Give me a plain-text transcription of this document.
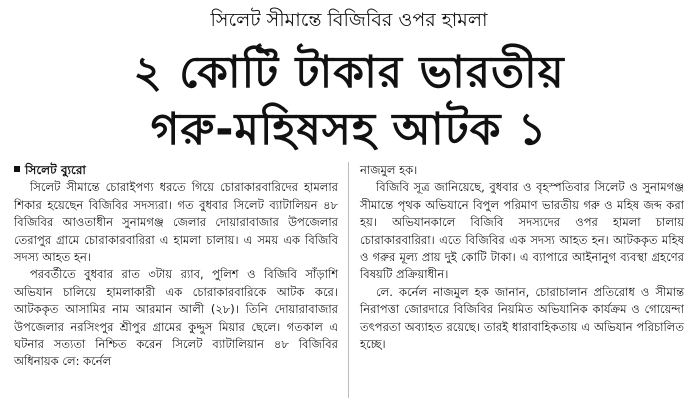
সিলেট সীমান্তে বিজিবির ওপর হামলা
২ কোটি টাকার ভারতীয়
গরু-মহিষসহ আটক ১
সিলেট ব্যুরো

সিলেট সীমান্তে চোরাইপণ্য ধরতে গিয়ে চোরাকারবারিদের হামলার শিকার হয়েছেন বিজিবির সদস্যরা। গত বুধবার সিলেট ব্যাটালিয়ন ৪৮ বিজিবির আওতাধীন সুনামগঞ্জ জেলার দোয়ারাবাজার উপজেলার তেরাপুর গ্রামে চোরাকারবারিরা এ হামলা চালায়। এ সময় এক বিজিবি সদস্য আহত হন।

পরবর্তীতে বুধবার রাত ৩টায় র‍্যাব, পুলিশ ও বিজিবি সাঁড়াশি অভিযান চালিয়ে হামলাকারী এক চোরাকারবারিকে আটক করে। আটককৃত আসামির নাম আরমান আলী (২৮)। তিনি দোয়ারাবাজার উপজেলার নরসিংপুর শ্রীপুর গ্রামের কুদ্দুস মিয়ার ছেলে। গতকাল এ ঘটনার সত্যতা নিশ্চিত করেন সিলেট ব্যাটালিয়ান ৪৮ বিজিবির অধিনায়ক লে: কর্নেল

নাজমুল হক।

বিজিবি সূত্র জানিয়েছে, বুধবার ও বৃহস্পতিবার সিলেট ও সুনামগঞ্জ সীমান্তে পৃথক অভিযানে বিপুল পরিমাণ ভারতীয় গরু ও মহিষ জব্দ করা হয়। অভিযানকালে বিজিবি সদস্যদের ওপর হামলা চালায় চোরাকারবারিরা। এতে বিজিবির এক সদস্য আহত হন। আটককৃত মহিষ ও গরুর মূল্য প্রায় দুই কোটি টাকা। এ ব্যাপারে আইনানুগ ব্যবস্থা গ্রহণের বিষয়টি প্রক্রিয়াধীন।

লে. কর্নেল নাজমুল হক জানান, চোরাচালান প্রতিরোধ ও সীমান্ত নিরাপত্তা জোরদারে বিজিবির নিয়মিত অভিযানিক কার্যক্রম ও গোয়েন্দা তৎপরতা অব্যাহত রয়েছে। তারই ধারাবাহিকতায় এ অভিযান পরিচালিত হচ্ছে।
